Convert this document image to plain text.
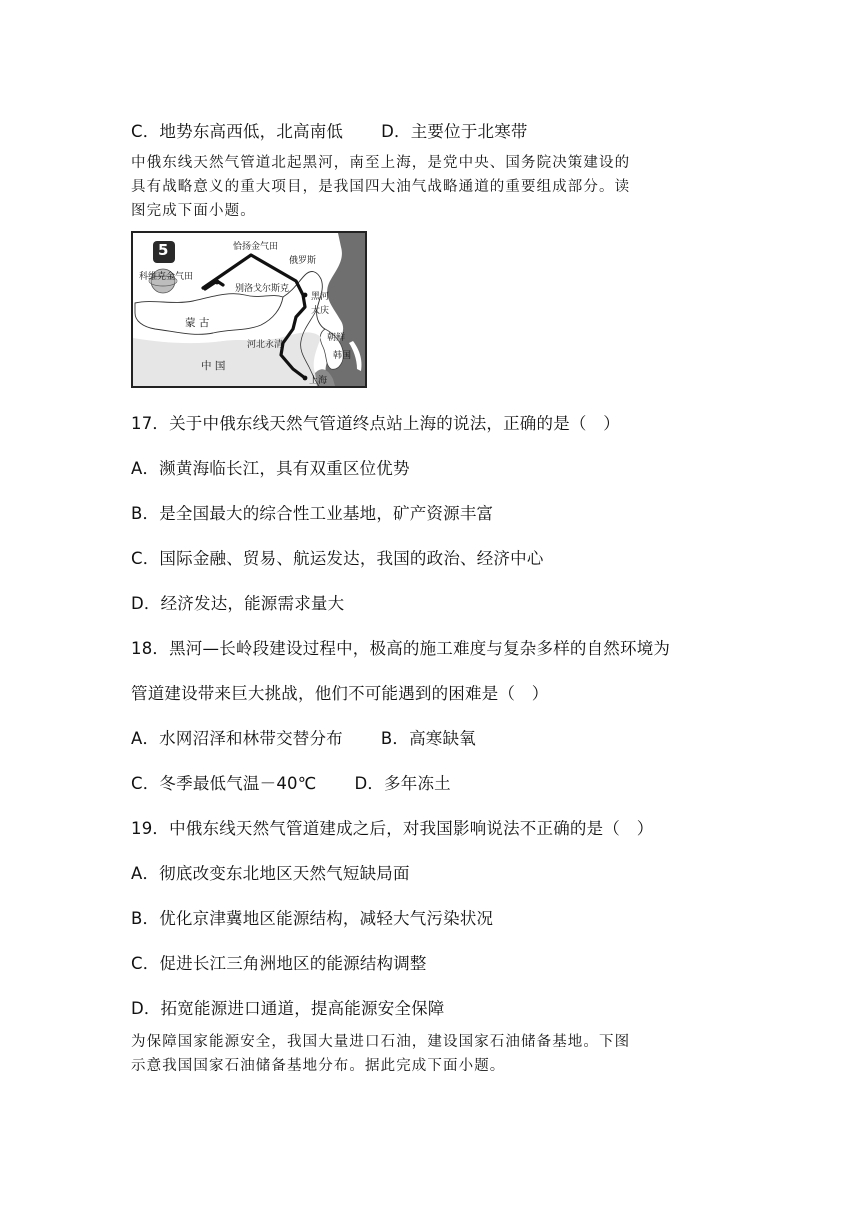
C．地势东高西低，北高南低 D．主要位于北寒带
中俄东线天然气管道北起黑河，南至上海，是党中央、国务院决策建设的
具有战略意义的重大项目，是我国四大油气战略通道的重要组成部分。读
图完成下面小题。
5	恰扬金气田
俄罗斯
科维克金气田
别洛戈尔斯克
黑河
大庆
蒙 古
朝鲜
河北永清
韩国
中 国
上海
17．关于中俄东线天然气管道终点站上海的说法，正确的是（　）
A．濒黄海临长江，具有双重区位优势
B．是全国最大的综合性工业基地，矿产资源丰富
C．国际金融、贸易、航运发达，我国的政治、经济中心
D．经济发达，能源需求量大
18．黑河—长岭段建设过程中，极高的施工难度与复杂多样的自然环境为
管道建设带来巨大挑战，他们不可能遇到的困难是（　）
A．水网沼泽和林带交替分布 B．高寒缺氧
C．冬季最低气温－40℃ D．多年冻土
19．中俄东线天然气管道建成之后，对我国影响说法不正确的是（　）
A．彻底改变东北地区天然气短缺局面
B．优化京津冀地区能源结构，减轻大气污染状况
C．促进长江三角洲地区的能源结构调整
D．拓宽能源进口通道，提高能源安全保障
为保障国家能源安全，我国大量进口石油，建设国家石油储备基地。下图
示意我国国家石油储备基地分布。据此完成下面小题。
